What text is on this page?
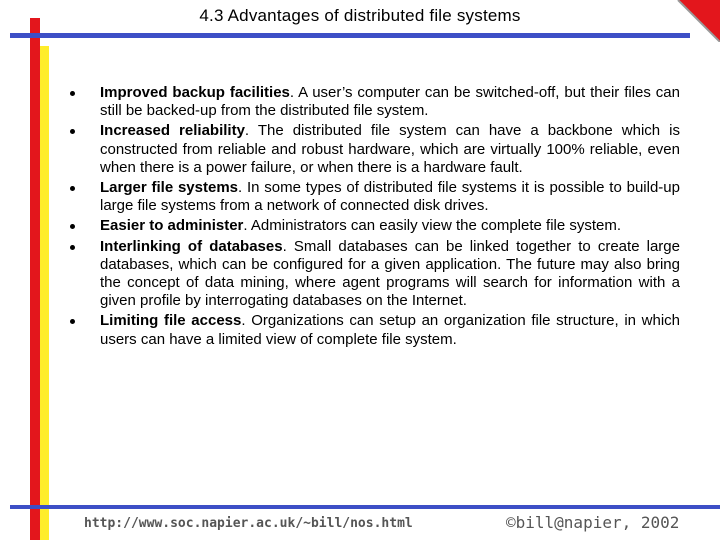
4.3 Advantages of distributed file systems
Improved backup facilities. A user’s computer can be switched-off, but their files can still be backed-up from the distributed file system.
Increased reliability. The distributed file system can have a backbone which is constructed from reliable and robust hardware, which are virtually 100% reliable, even when there is a power failure, or when there is a hardware fault.
Larger file systems. In some types of distributed file systems it is possible to build-up large file systems from a network of connected disk drives.
Easier to administer. Administrators can easily view the complete file system.
Interlinking of databases. Small databases can be linked together to create large databases, which can be configured for a given application. The future may also bring the concept of data mining, where agent programs will search for information with a given profile by interrogating databases on the Internet.
Limiting file access. Organizations can setup an organization file structure, in which users can have a limited view of complete file system.
http://www.soc.napier.ac.uk/~bill/nos.html	©bill@napier, 2002
